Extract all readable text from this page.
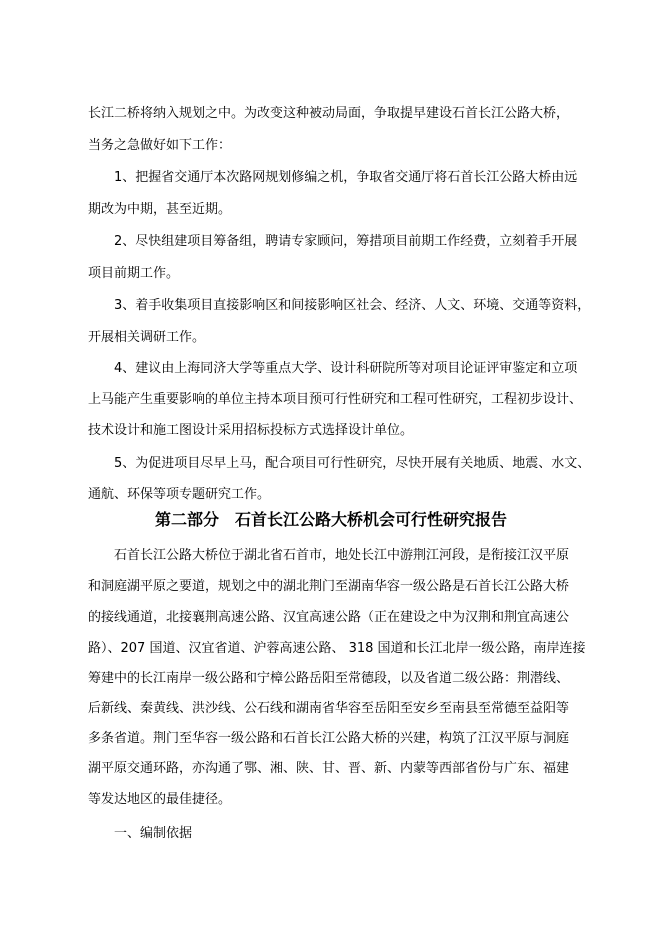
长江二桥将纳入规划之中。为改变这种被动局面，争取提早建设石首长江公路大桥，
当务之急做好如下工作：
　　1、把握省交通厅本次路网规划修编之机，争取省交通厅将石首长江公路大桥由远
期改为中期，甚至近期。
　　2、尽快组建项目筹备组，聘请专家顾问，筹措项目前期工作经费，立刻着手开展
项目前期工作。
　　3、着手收集项目直接影响区和间接影响区社会、经济、人文、环境、交通等资料，
开展相关调研工作。
　　4、建议由上海同济大学等重点大学、设计科研院所等对项目论证评审鉴定和立项
上马能产生重要影响的单位主持本项目预可行性研究和工程可性研究，工程初步设计、
技术设计和施工图设计采用招标投标方式选择设计单位。
　　5、为促进项目尽早上马，配合项目可行性研究，尽快开展有关地质、地震、水文、
通航、环保等项专题研究工作。
第二部分　石首长江公路大桥机会可行性研究报告
　　石首长江公路大桥位于湖北省石首市，地处长江中游荆江河段，是衔接江汉平原
和洞庭湖平原之要道，规划之中的湖北荆门至湖南华容一级公路是石首长江公路大桥
的接线通道，北接襄荆高速公路、汉宜高速公路（正在建设之中为汉荆和荆宜高速公
路）、207 国道、汉宜省道、沪蓉高速公路、 318 国道和长江北岸一级公路，南岸连接
筹建中的长江南岸一级公路和宁樟公路岳阳至常德段，以及省道二级公路：荆潜线、
后新线、秦黄线、洪沙线、公石线和湖南省华容至岳阳至安乡至南县至常德至益阳等
多条省道。荆门至华容一级公路和石首长江公路大桥的兴建，构筑了江汉平原与洞庭
湖平原交通环路，亦沟通了鄂、湘、陕、甘、晋、新、内蒙等西部省份与广东、福建
等发达地区的最佳捷径。
　　一、编制依据
